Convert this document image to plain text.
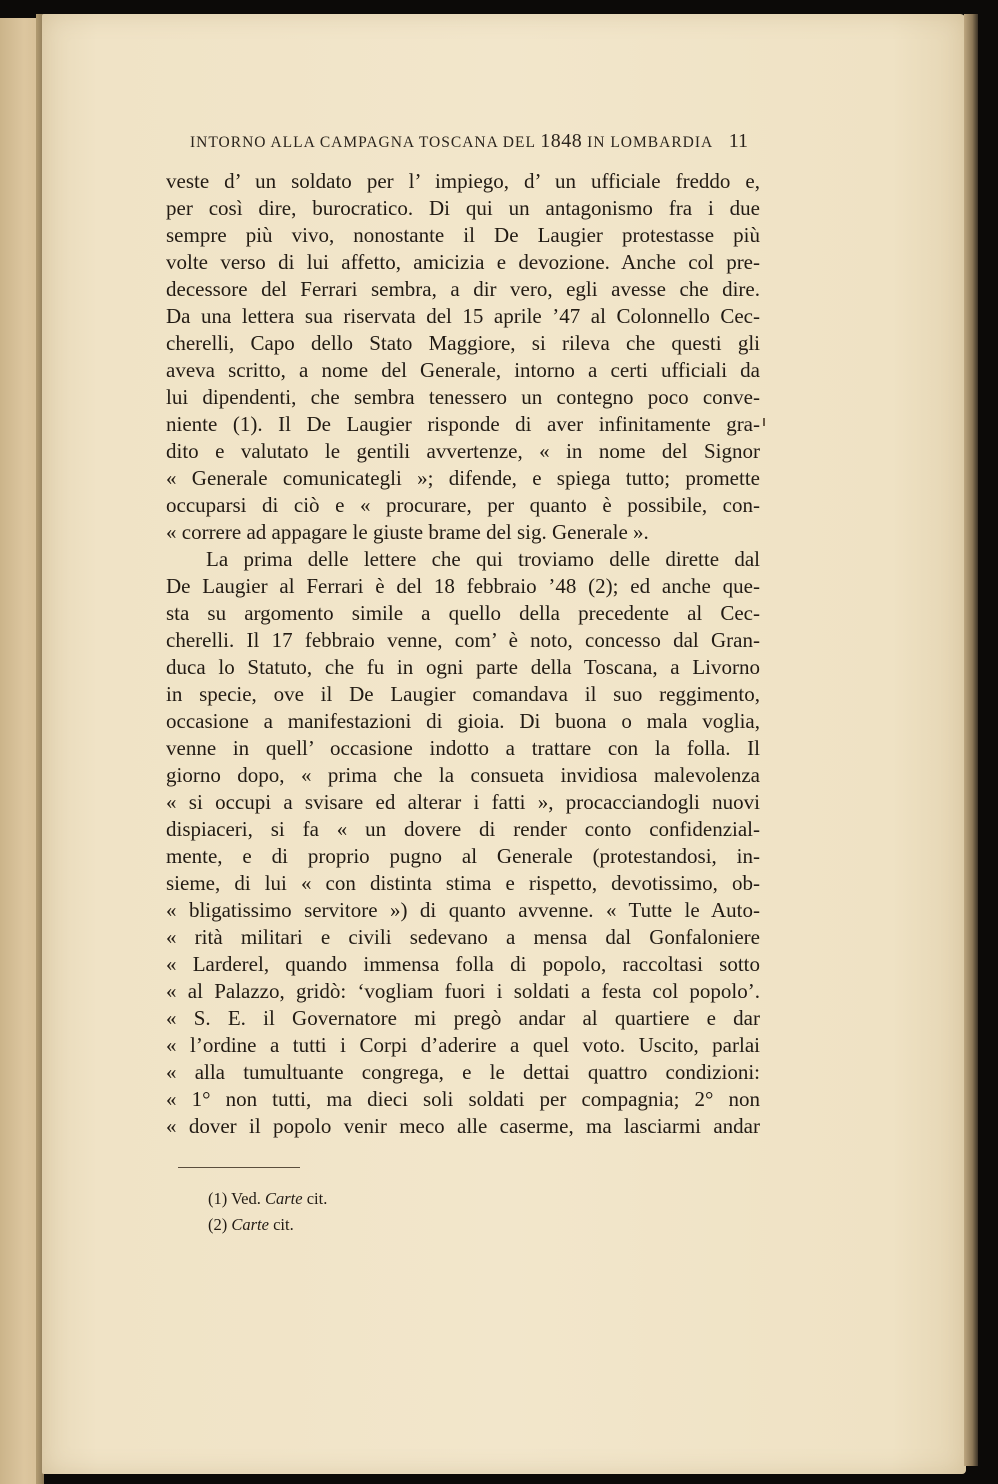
INTORNO ALLA CAMPAGNA TOSCANA DEL 1848 IN LOMBARDIA 11
veste d’ un soldato per l’ impiego, d’ un ufficiale freddo e,
per così dire, burocratico. Di qui un antagonismo fra i due
sempre più vivo, nonostante il De Laugier protestasse più
volte verso di lui affetto, amicizia e devozione. Anche col pre-
decessore del Ferrari sembra, a dir vero, egli avesse che dire.
Da una lettera sua riservata del 15 aprile ’47 al Colonnello Cec-
cherelli, Capo dello Stato Maggiore, si rileva che questi gli
aveva scritto, a nome del Generale, intorno a certi ufficiali da
lui dipendenti, che sembra tenessero un contegno poco conve-
niente (1). Il De Laugier risponde di aver infinitamente gra-
dito e valutato le gentili avvertenze, « in nome del Signor
« Generale comunicategli »; difende, e spiega tutto; promette
occuparsi di ciò e « procurare, per quanto è possibile, con-
« correre ad appagare le giuste brame del sig. Generale ».
La prima delle lettere che qui troviamo delle dirette dal
De Laugier al Ferrari è del 18 febbraio ’48 (2); ed anche que-
sta su argomento simile a quello della precedente al Cec-
cherelli. Il 17 febbraio venne, com’ è noto, concesso dal Gran-
duca lo Statuto, che fu in ogni parte della Toscana, a Livorno
in specie, ove il De Laugier comandava il suo reggimento,
occasione a manifestazioni di gioia. Di buona o mala voglia,
venne in quell’ occasione indotto a trattare con la folla. Il
giorno dopo, « prima che la consueta invidiosa malevolenza
« si occupi a svisare ed alterar i fatti », procacciandogli nuovi
dispiaceri, si fa « un dovere di render conto confidenzial-
mente, e di proprio pugno al Generale (protestandosi, in-
sieme, di lui « con distinta stima e rispetto, devotissimo, ob-
« bligatissimo servitore ») di quanto avvenne. « Tutte le Auto-
« rità militari e civili sedevano a mensa dal Gonfaloniere
« Larderel, quando immensa folla di popolo, raccoltasi sotto
« al Palazzo, gridò: ‘vogliam fuori i soldati a festa col popolo’.
« S. E. il Governatore mi pregò andar al quartiere e dar
« l’ordine a tutti i Corpi d’aderire a quel voto. Uscito, parlai
« alla tumultuante congrega, e le dettai quattro condizioni:
« 1° non tutti, ma dieci soli soldati per compagnia; 2° non
« dover il popolo venir meco alle caserme, ma lasciarmi andar
(1) Ved. Carte cit.
(2) Carte cit.
